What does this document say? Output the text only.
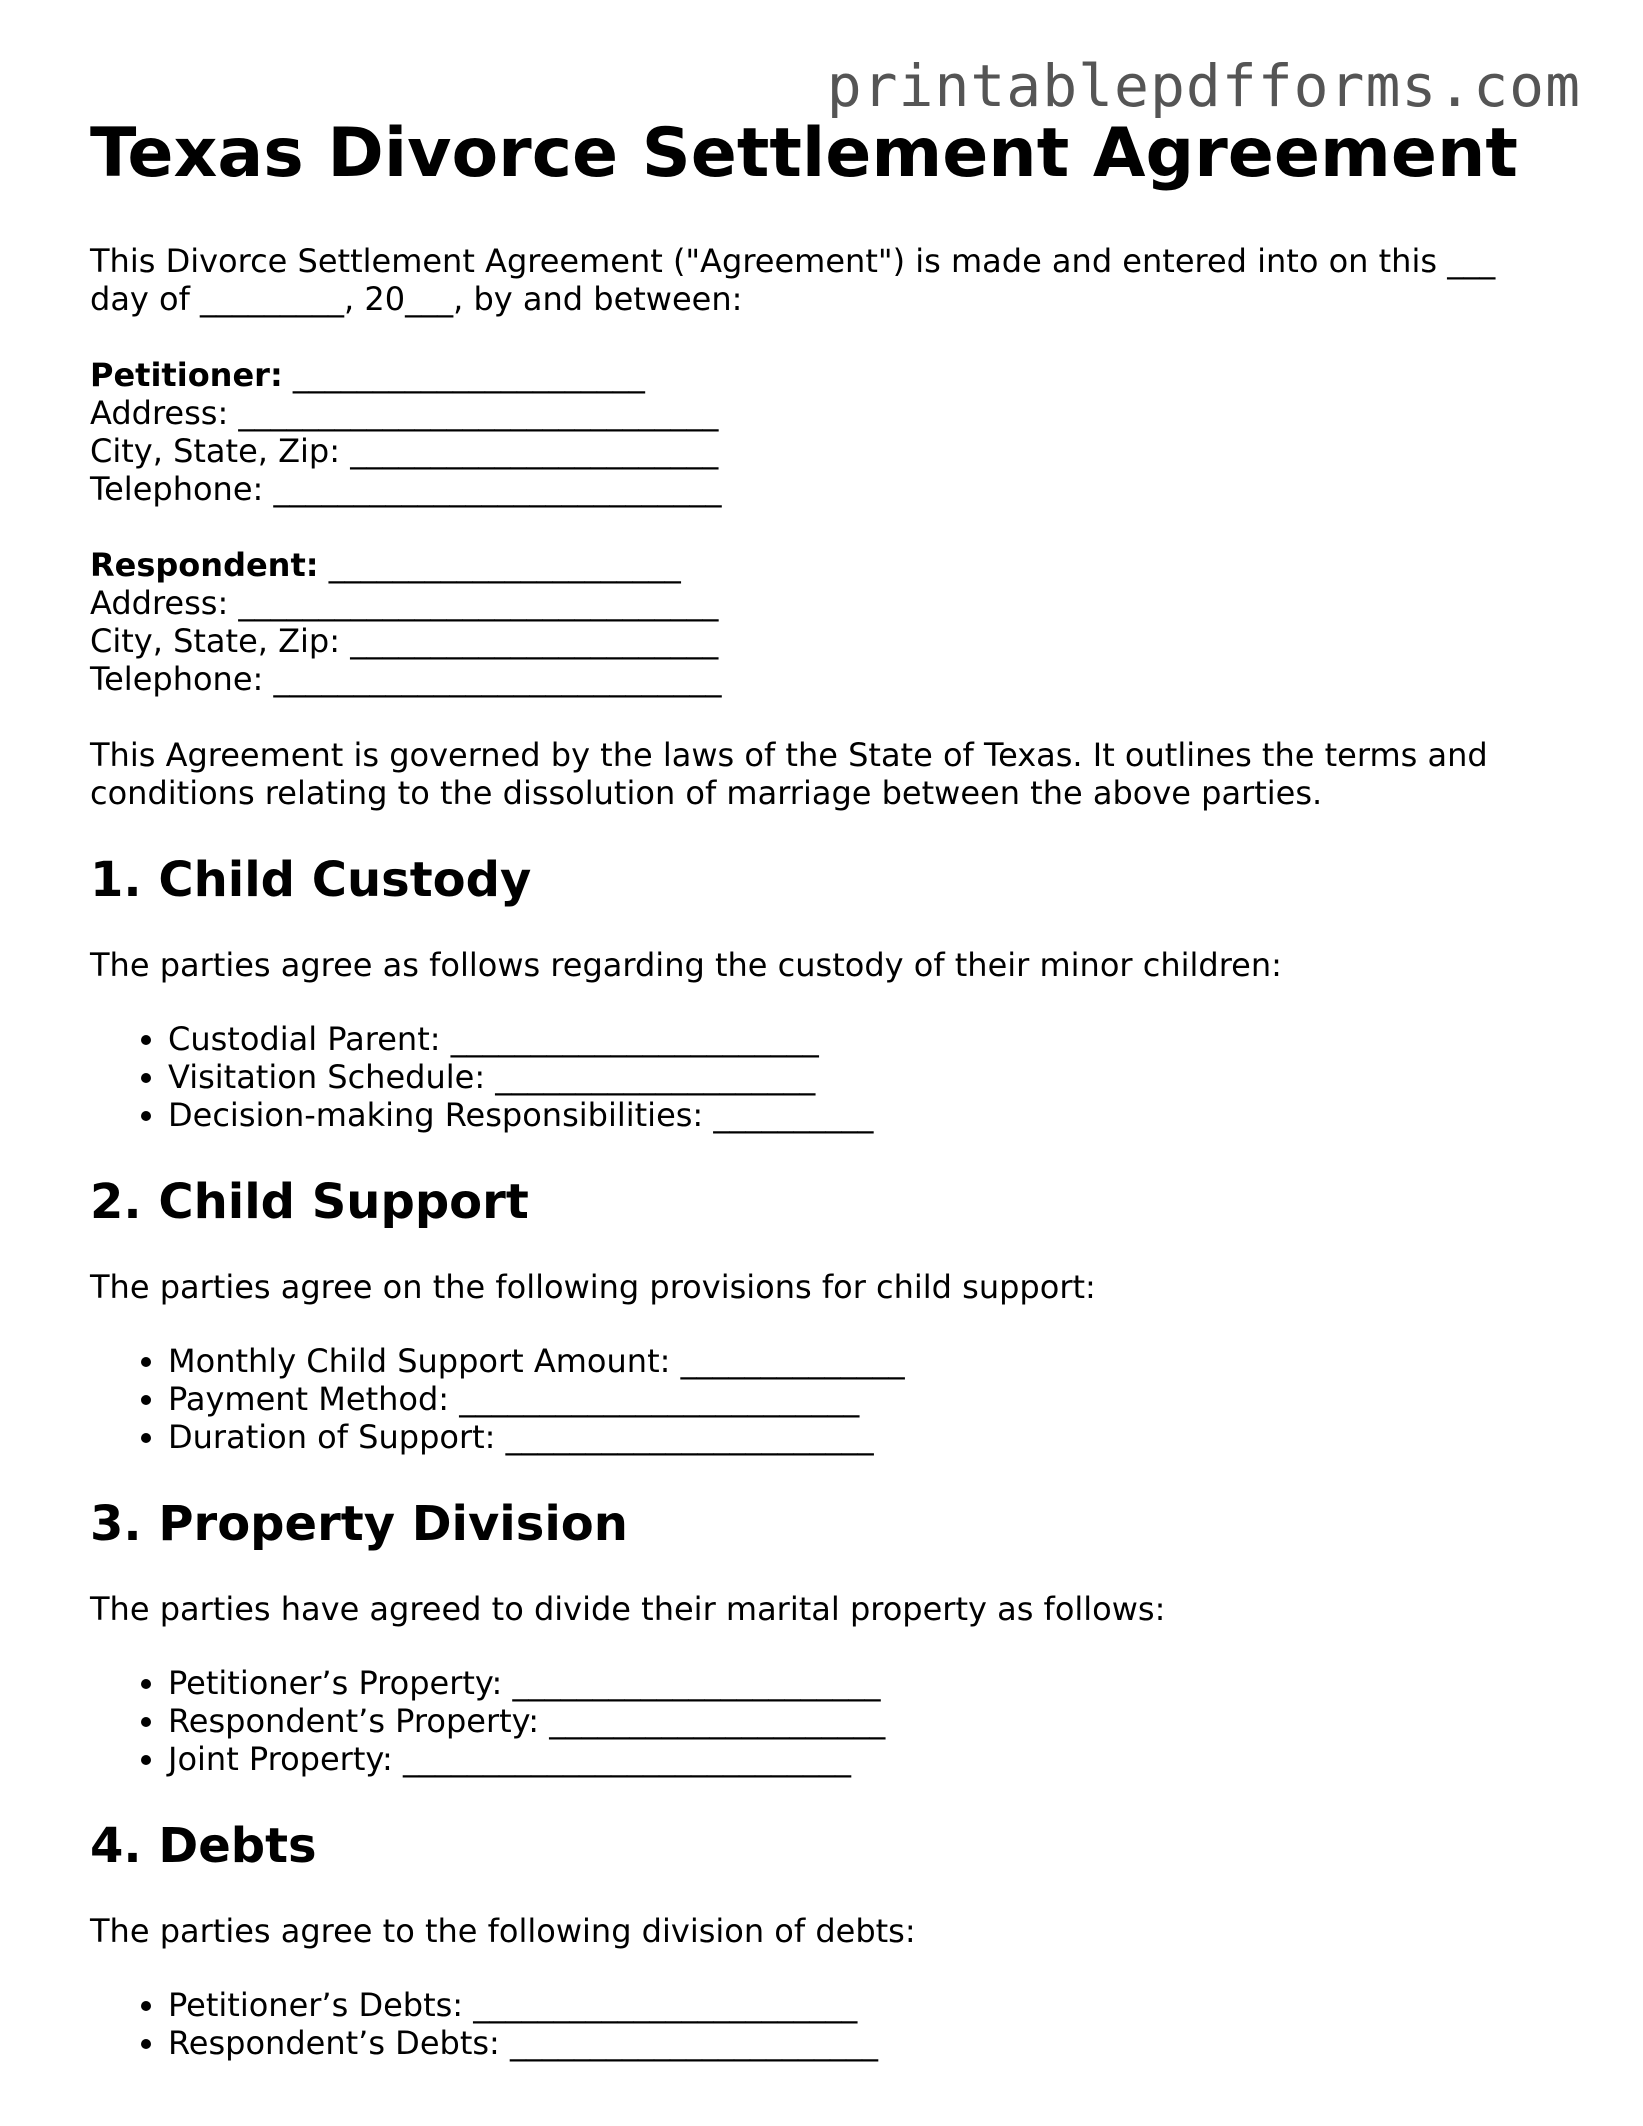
printablepdfforms.com
Texas Divorce Settlement Agreement

This Divorce Settlement Agreement ("Agreement") is made and entered into on this ___ day of _________, 20___, by and between:

Petitioner: ______________________
Address: ______________________________
City, State, Zip: _______________________
Telephone: ____________________________
Respondent: ______________________
Address: ______________________________
City, State, Zip: _______________________
Telephone: ____________________________

This Agreement is governed by the laws of the State of Texas. It outlines the terms and conditions relating to the dissolution of marriage between the above parties.

1. Child Custody

The parties agree as follows regarding the custody of their minor children:

• Custodial Parent: _______________________
• Visitation Schedule: ____________________
• Decision-making Responsibilities: __________
2. Child Support

The parties agree on the following provisions for child support:

• Monthly Child Support Amount: ______________
• Payment Method: _________________________
• Duration of Support: _______________________
3. Property Division

The parties have agreed to divide their marital property as follows:

• Petitioner’s Property: _______________________
• Respondent’s Property: _____________________
• Joint Property: ____________________________
4. Debts

The parties agree to the following division of debts:

• Petitioner’s Debts: ________________________
• Respondent’s Debts: _______________________
